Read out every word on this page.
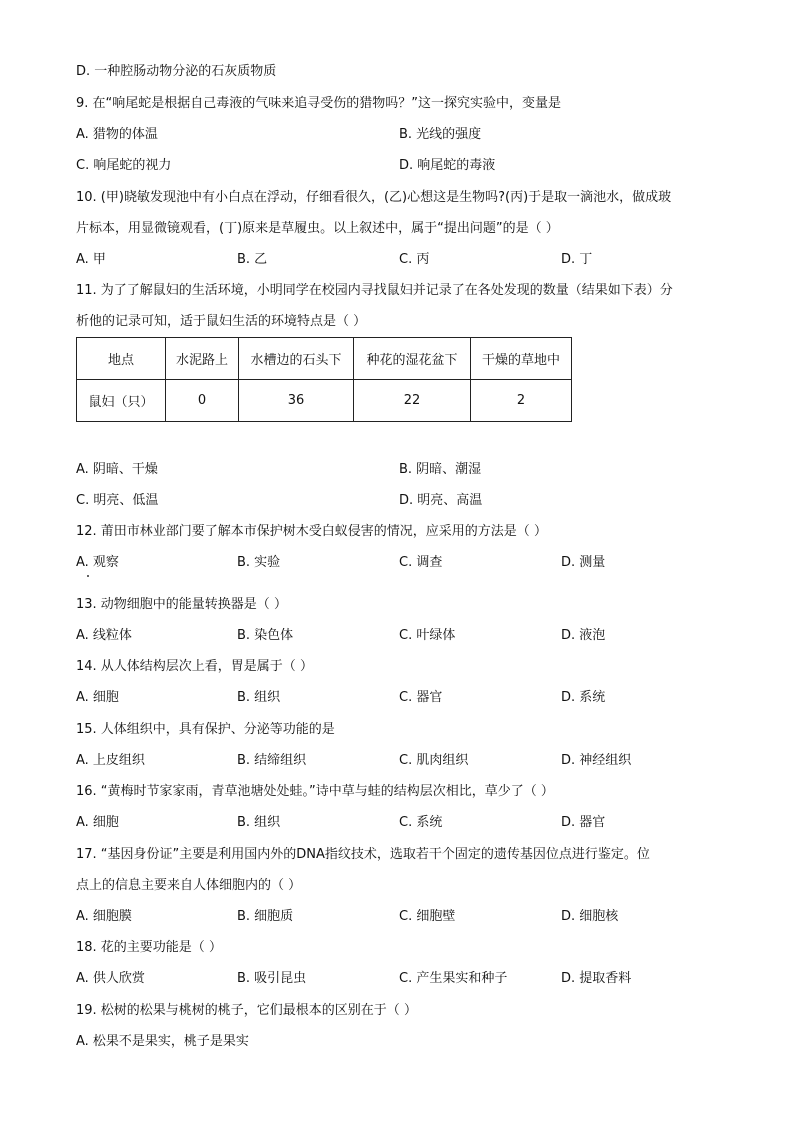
D. 一种腔肠动物分泌的石灰质物质
9. 在“响尾蛇是根据自己毒液的气味来追寻受伤的猎物吗？”这一探究实验中，变量是
A. 猎物的体温	B. 光线的强度
C. 响尾蛇的视力	D. 响尾蛇的毒液
10. (甲)晓敏发现池中有小白点在浮动，仔细看很久，(乙)心想这是生物吗?(丙)于是取一滴池水，做成玻
片标本，用显微镜观看，(丁)原来是草履虫。以上叙述中，属于“提出问题”的是（ ）
A. 甲	B. 乙	C. 丙	D. 丁
11. 为了了解鼠妇的生活环境，小明同学在校园内寻找鼠妇并记录了在各处发现的数量（结果如下表）分
析他的记录可知，适于鼠妇生活的环境特点是（ ）
地点	水泥路上	水槽边的石头下	种花的湿花盆下	干燥的草地中
鼠妇（只）	0	36	22	2
A. 阴暗、干燥	B. 阴暗、潮湿
C. 明亮、低温	D. 明亮、高温
12. 莆田市林业部门要了解本市保护树木受白蚁侵害的情况，应采用的方法是（ ）
A. 观察	B. 实验	C. 调查	D. 测量
13. 动物细胞中的能量转换器是（ ）
A. 线粒体	B. 染色体	C. 叶绿体	D. 液泡
14. 从人体结构层次上看，胃是属于（ ）
A. 细胞	B. 组织	C. 器官	D. 系统
15. 人体组织中，具有保护、分泌等功能的是
A. 上皮组织	B. 结缔组织	C. 肌肉组织	D. 神经组织
16. “黄梅时节家家雨，青草池塘处处蛙。”诗中草与蛙的结构层次相比，草少了（ ）
A. 细胞	B. 组织	C. 系统	D. 器官
17. “基因身份证”主要是利用国内外的DNA指纹技术，选取若干个固定的遗传基因位点进行鉴定。位
点上的信息主要来自人体细胞内的（ ）
A. 细胞膜	B. 细胞质	C. 细胞壁	D. 细胞核
18. 花的主要功能是（ ）
A. 供人欣赏	B. 吸引昆虫	C. 产生果实和种子	D. 提取香料
19. 松树的松果与桃树的桃子，它们最根本的区别在于（ ）
A. 松果不是果实，桃子是果实
